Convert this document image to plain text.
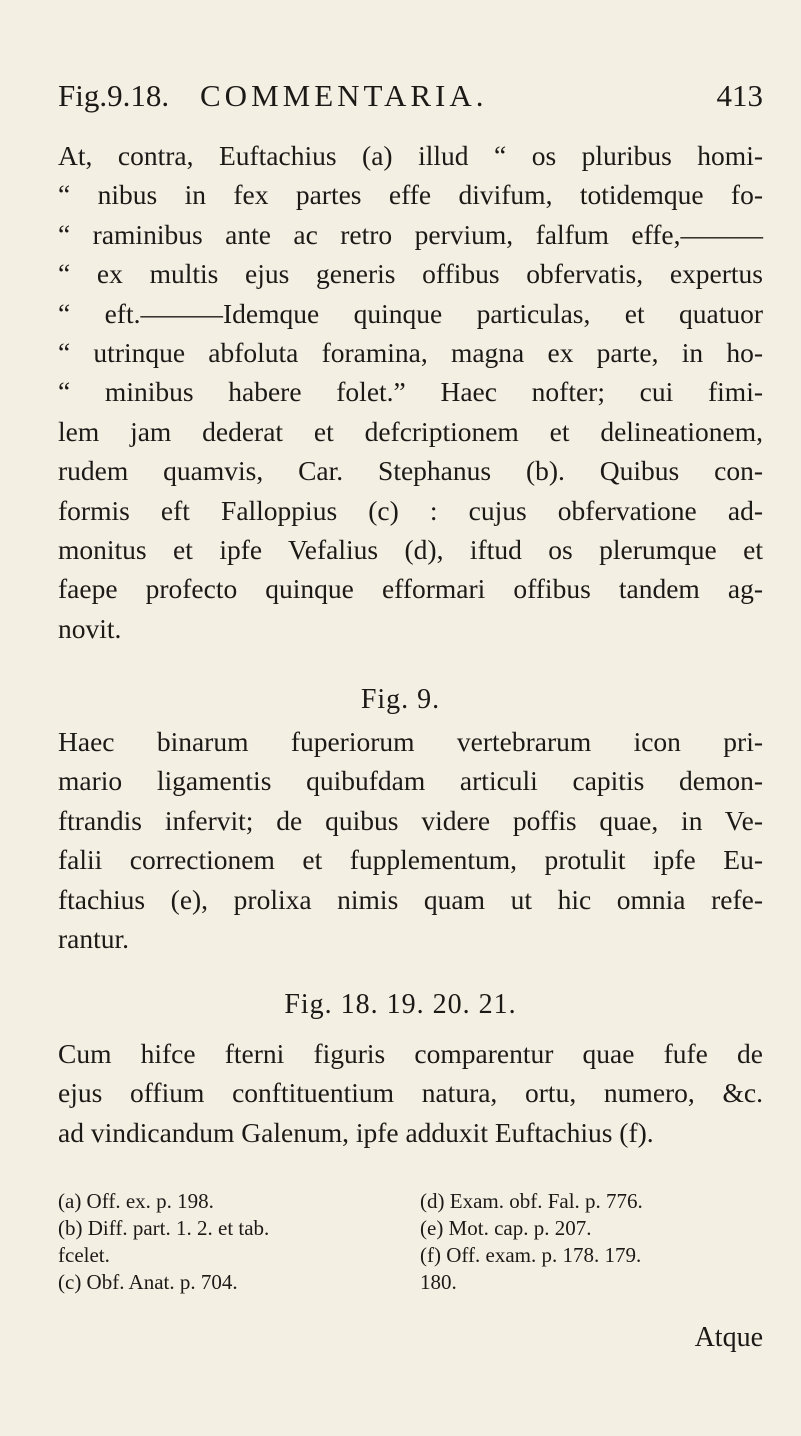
Fig.9.18. COMMENTARIA.	413
At, contra, Euftachius (a) illud “ os pluribus homi-
“ nibus in fex partes effe divifum, totidemque fo-
“ raminibus ante ac retro pervium, falfum effe,———
“ ex multis ejus generis offibus obfervatis, expertus
“ eft.———Idemque quinque particulas, et quatuor
“ utrinque abfoluta foramina, magna ex parte, in ho-
“ minibus habere folet.” Haec nofter; cui fimi-
lem jam dederat et defcriptionem et delineationem,
rudem quamvis, Car. Stephanus (b). Quibus con-
formis eft Falloppius (c) : cujus obfervatione ad-
monitus et ipfe Vefalius (d), iftud os plerumque et
faepe profecto quinque efformari offibus tandem ag-
novit.
Fig. 9.
Haec binarum fuperiorum vertebrarum icon pri-
mario ligamentis quibufdam articuli capitis demon-
ftrandis infervit; de quibus videre poffis quae, in Ve-
falii correctionem et fupplementum, protulit ipfe Eu-
ftachius (e), prolixa nimis quam ut hic omnia refe-
rantur.
Fig. 18. 19. 20. 21.
Cum hifce fterni figuris comparentur quae fufe de
ejus offium conftituentium natura, ortu, numero, &c.
ad vindicandum Galenum, ipfe adduxit Euftachius (f).
(a) Off. ex. p. 198.
(b) Diff. part. 1. 2. et tab.
fcelet.
(c) Obf. Anat. p. 704.
(d) Exam. obf. Fal. p. 776.
(e) Mot. cap. p. 207.
(f) Off. exam. p. 178. 179.
180.
Atque
